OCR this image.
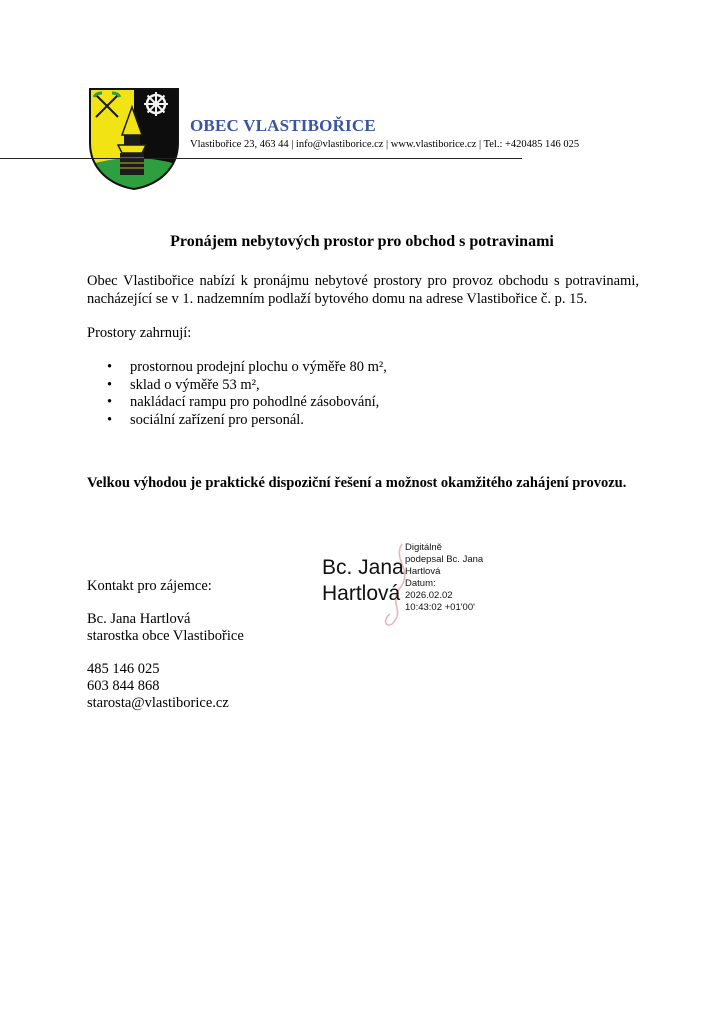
OBEC VLASTIBOŘICE
Vlastibořice 23, 463 44 | info@vlastiborice.cz | www.vlastiborice.cz | Tel.: +420485 146 025
Pronájem nebytových prostor pro obchod s potravinami
Obec Vlastibořice nabízí k pronájmu nebytové prostory pro provoz obchodu s potravinami,
nacházející se v 1. nadzemním podlaží bytového domu na adrese Vlastibořice č. p. 15.
Prostory zahrnují:
• prostornou prodejní plochu o výměře 80 m²,
• sklad o výměře 53 m²,
• nakládací rampu pro pohodlné zásobování,
• sociální zařízení pro personál.
Velkou výhodou je praktické dispoziční řešení a možnost okamžitého zahájení provozu.
Kontakt pro zájemce:
Bc. Jana Hartlová
starostka obce Vlastibořice
485 146 025
603 844 868
starosta@vlastiborice.cz
Bc. Jana
Hartlová
Digitálně
podepsal Bc. Jana
Hartlová
Datum:
2026.02.02
10:43:02 +01'00'
